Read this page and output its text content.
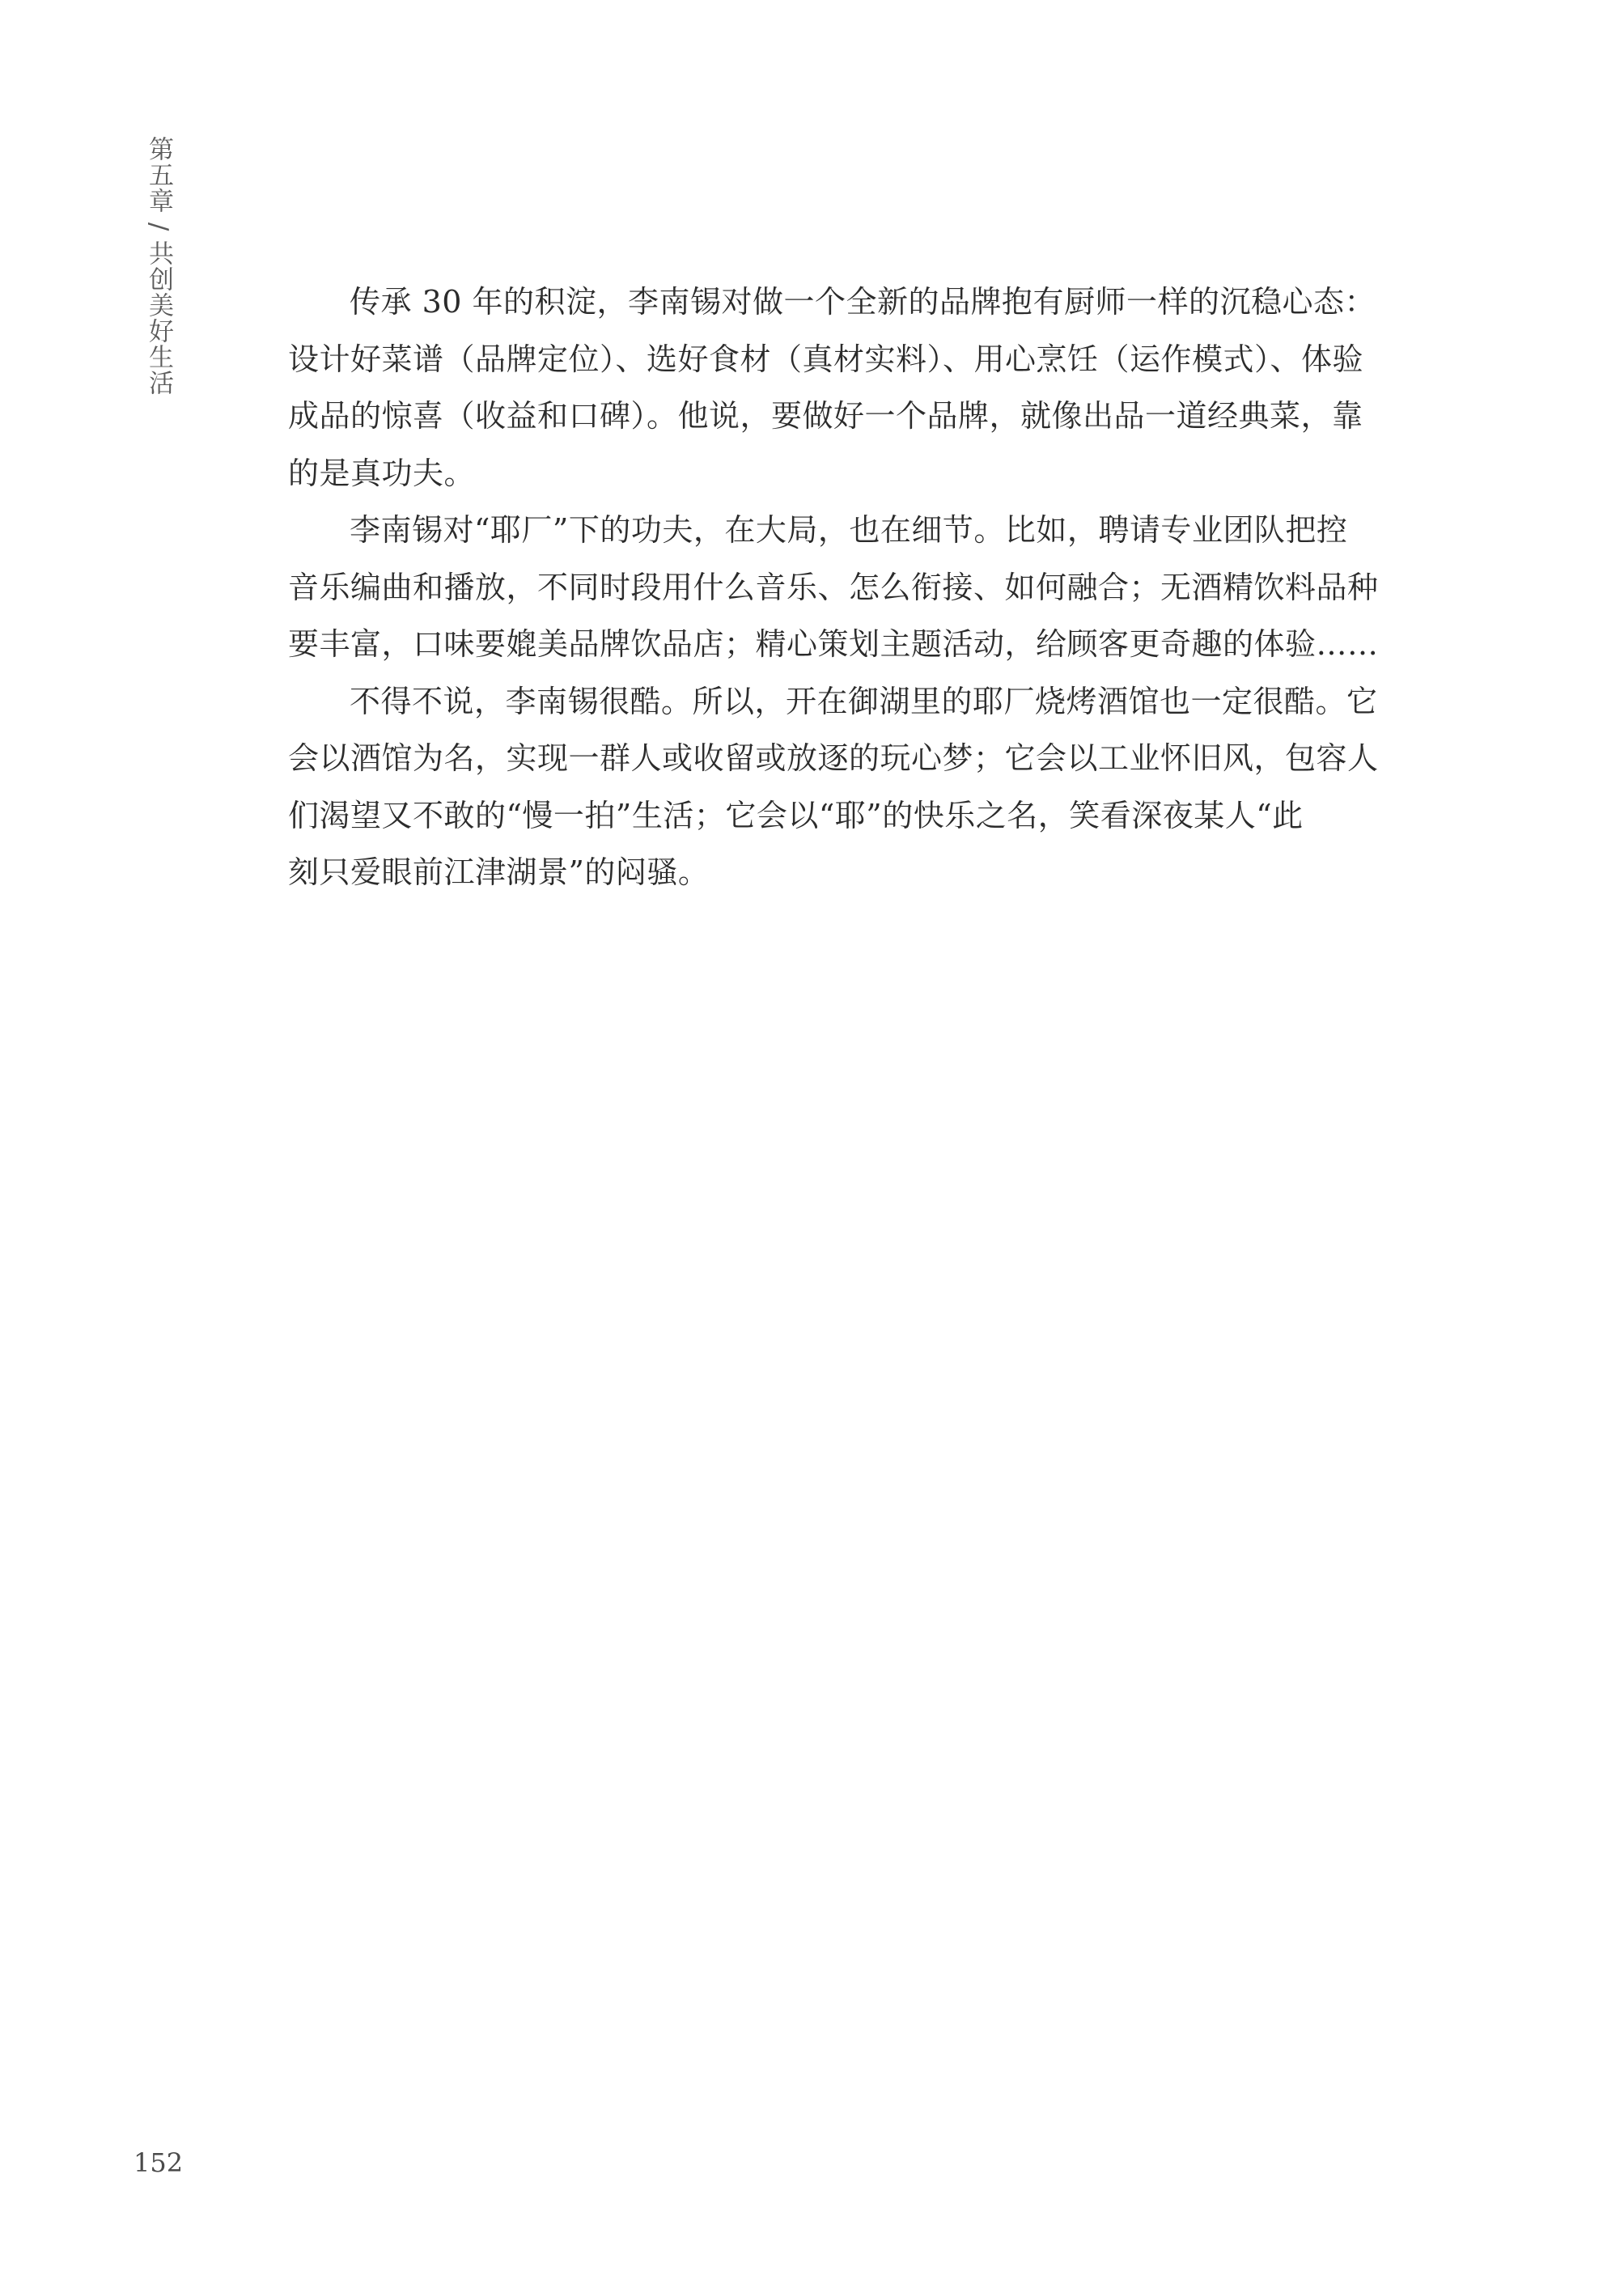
第五章 / 共创美好生活	传承 30 年的积淀，李南锡对做一个全新的品牌抱有厨师一样的沉稳心态：
设计好菜谱（品牌定位）、选好食材（真材实料）、用心烹饪（运作模式）、体验
成品的惊喜（收益和口碑）。他说，要做好一个品牌，就像出品一道经典菜，靠
的是真功夫。

李南锡对“耶厂”下的功夫，在大局，也在细节。比如，聘请专业团队把控
音乐编曲和播放，不同时段用什么音乐、怎么衔接、如何融合；无酒精饮料品种
要丰富，口味要媲美品牌饮品店；精心策划主题活动，给顾客更奇趣的体验……

不得不说，李南锡很酷。所以，开在御湖里的耶厂烧烤酒馆也一定很酷。它
会以酒馆为名，实现一群人或收留或放逐的玩心梦；它会以工业怀旧风，包容人
们渴望又不敢的“慢一拍”生活；它会以“耶”的快乐之名，笑看深夜某人“此
刻只爱眼前江津湖景”的闷骚。

152
